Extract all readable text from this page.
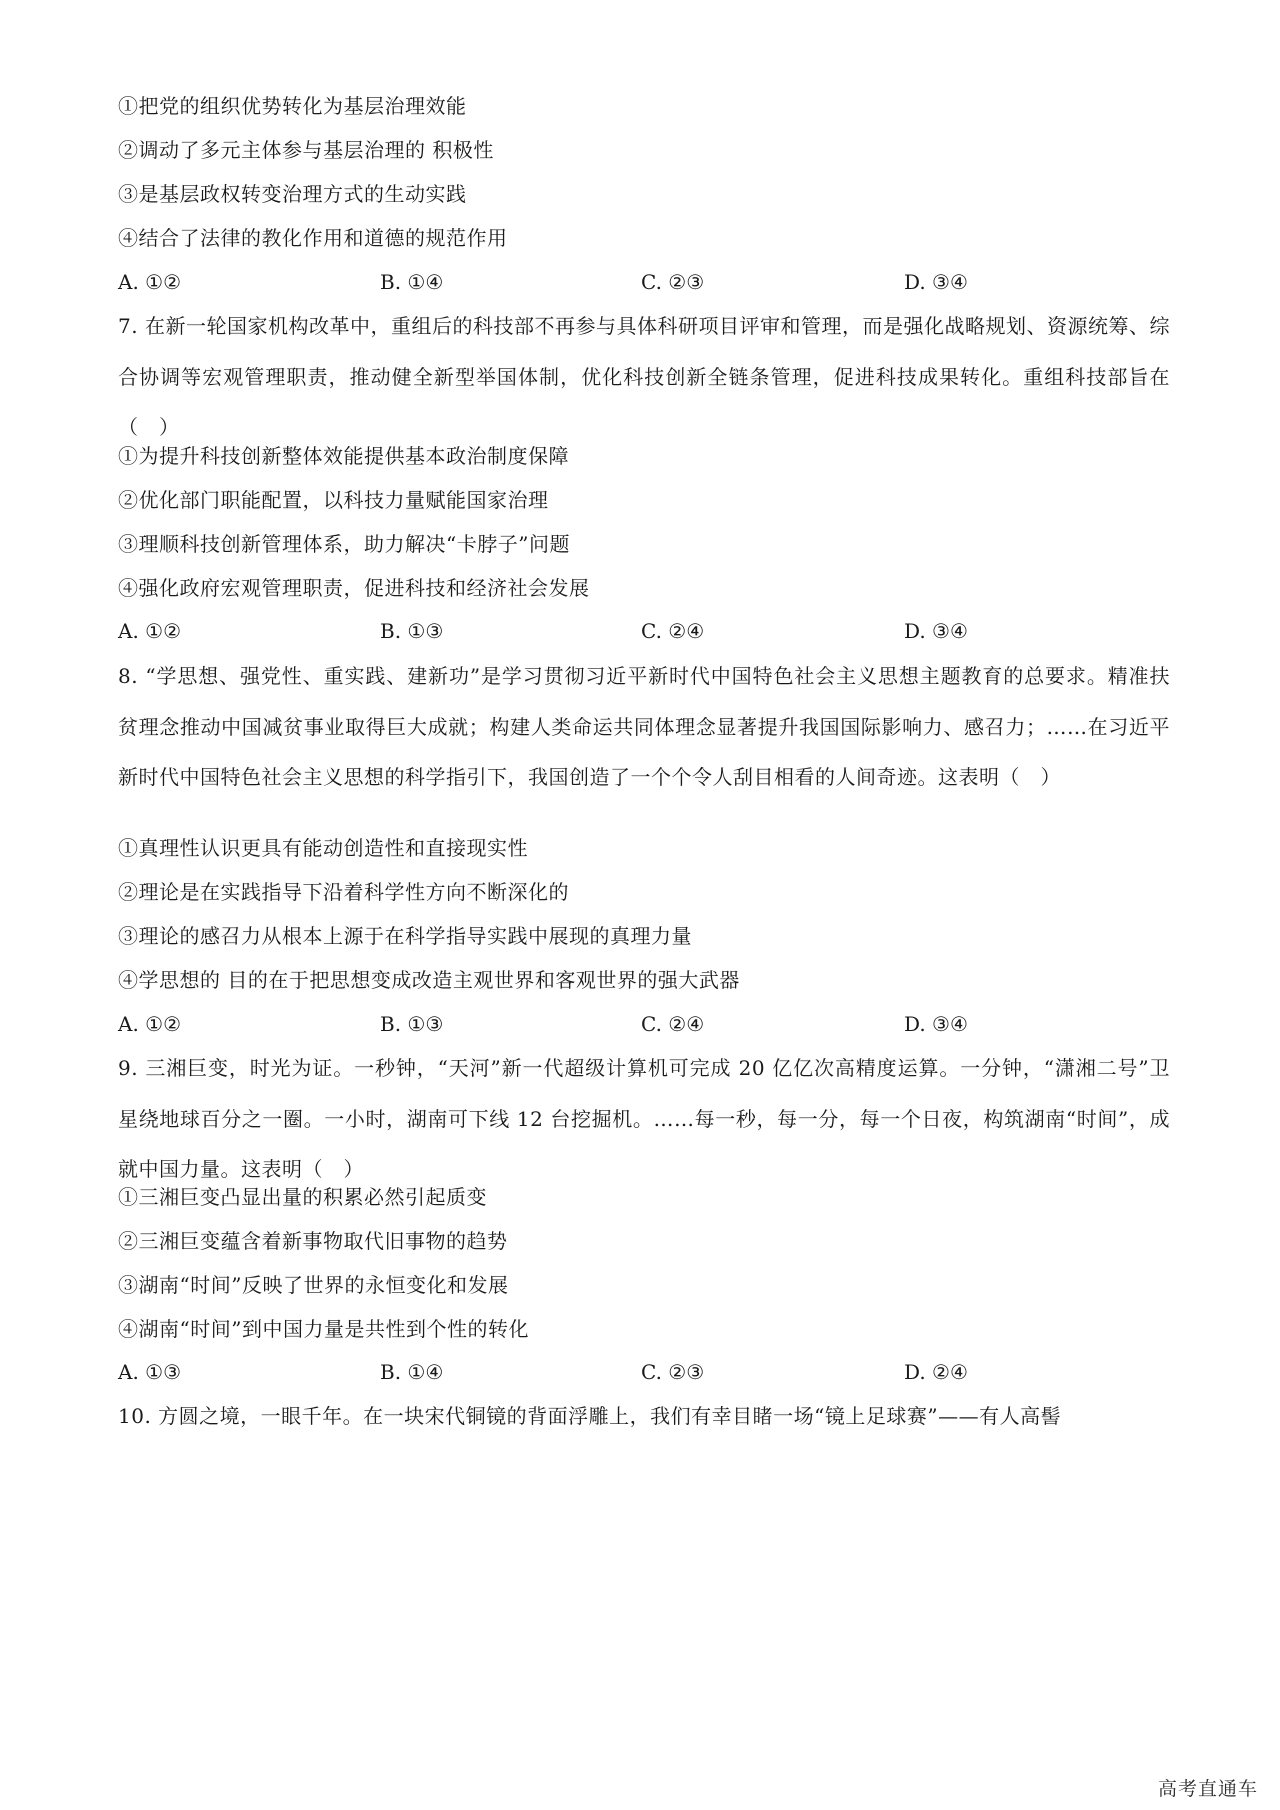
①把党的组织优势转化为基层治理效能
②调动了多元主体参与基层治理的 积极性
③是基层政权转变治理方式的生动实践
④结合了法律的教化作用和道德的规范作用
A. ①②	B. ①④	C. ②③	D. ③④
7. 在新一轮国家机构改革中，重组后的科技部不再参与具体科研项目评审和管理，而是强化战略规划、资源统筹、综合协调等宏观管理职责，推动健全新型举国体制，优化科技创新全链条管理，促进科技成果转化。重组科技部旨在（　）
①为提升科技创新整体效能提供基本政治制度保障
②优化部门职能配置，以科技力量赋能国家治理
③理顺科技创新管理体系，助力解决“卡脖子”问题
④强化政府宏观管理职责，促进科技和经济社会发展
A. ①②	B. ①③	C. ②④	D. ③④
8. “学思想、强党性、重实践、建新功”是学习贯彻习近平新时代中国特色社会主义思想主题教育的总要求。精准扶贫理念推动中国减贫事业取得巨大成就；构建人类命运共同体理念显著提升我国国际影响力、感召力；……在习近平新时代中国特色社会主义思想的科学指引下，我国创造了一个个令人刮目相看的人间奇迹。这表明（　）
①真理性认识更具有能动创造性和直接现实性
②理论是在实践指导下沿着科学性方向不断深化的
③理论的感召力从根本上源于在科学指导实践中展现的真理力量
④学思想的 目的在于把思想变成改造主观世界和客观世界的强大武器
A. ①②	B. ①③	C. ②④	D. ③④
9. 三湘巨变，时光为证。一秒钟，“天河”新一代超级计算机可完成 20 亿亿次高精度运算。一分钟，“潇湘二号”卫星绕地球百分之一圈。一小时，湖南可下线 12 台挖掘机。……每一秒，每一分，每一个日夜，构筑湖南“时间”，成就中国力量。这表明（　）
①三湘巨变凸显出量的积累必然引起质变
②三湘巨变蕴含着新事物取代旧事物的趋势
③湖南“时间”反映了世界的永恒变化和发展
④湖南“时间”到中国力量是共性到个性的转化
A. ①③	B. ①④	C. ②③	D. ②④
10. 方圆之境，一眼千年。在一块宋代铜镜的背面浮雕上，我们有幸目睹一场“镜上足球赛”——有人高髻
高考直通车
